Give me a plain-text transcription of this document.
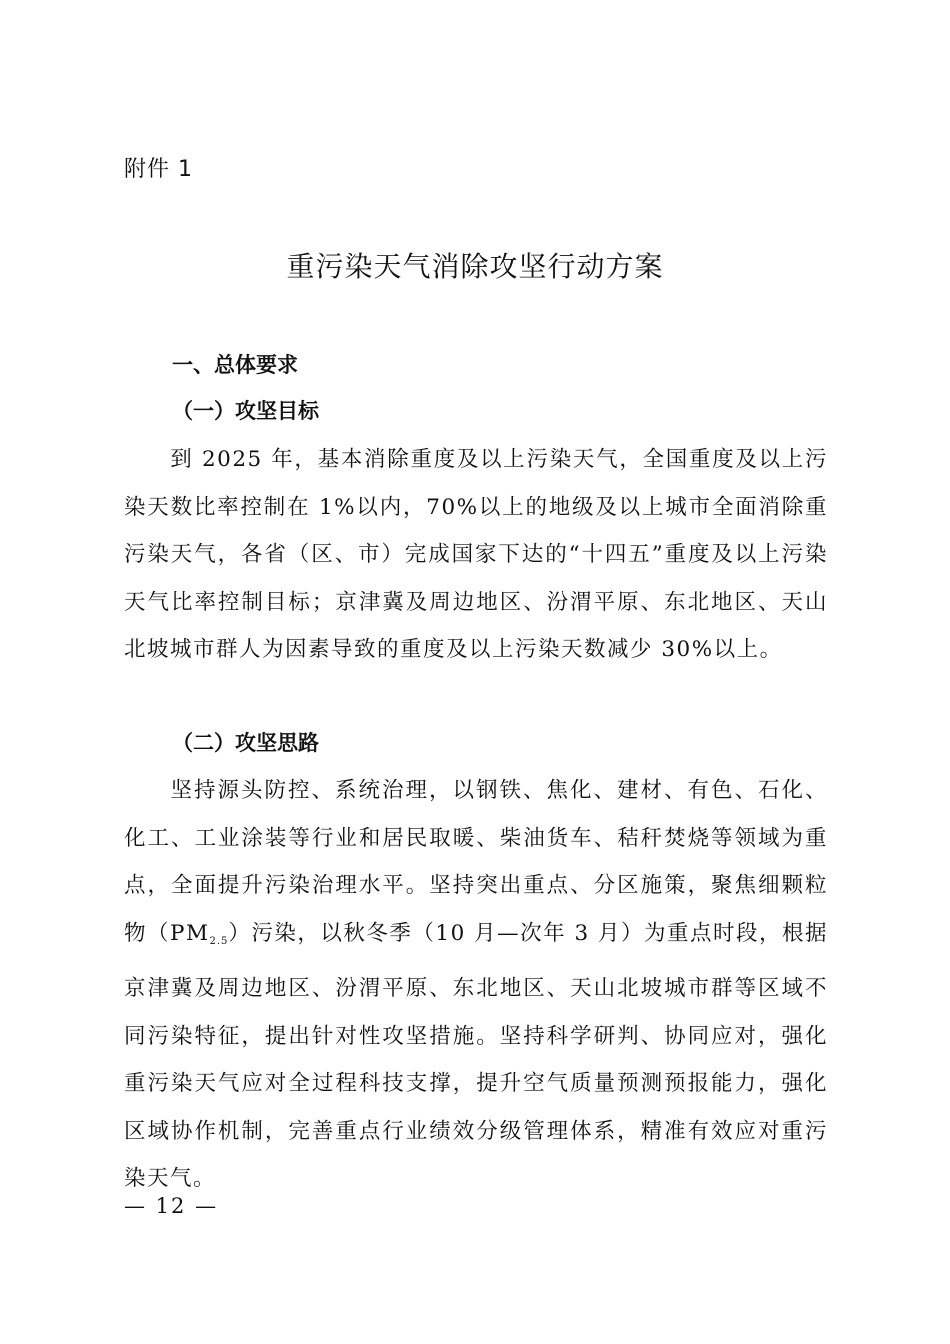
附件 1
重污染天气消除攻坚行动方案
一、总体要求
（一）攻坚目标
到 2025 年，基本消除重度及以上污染天气，全国重度及以上污染天数比率控制在 1%以内，70%以上的地级及以上城市全面消除重污染天气，各省（区、市）完成国家下达的“十四五”重度及以上污染天气比率控制目标；京津冀及周边地区、汾渭平原、东北地区、天山北坡城市群人为因素导致的重度及以上污染天数减少 30%以上。
（二）攻坚思路
坚持源头防控、系统治理，以钢铁、焦化、建材、有色、石化、化工、工业涂装等行业和居民取暖、柴油货车、秸秆焚烧等领域为重点，全面提升污染治理水平。坚持突出重点、分区施策，聚焦细颗粒物$(PM_{2.5})$污染，以秋冬季（10 月—次年 3 月）为重点时段，根据京津冀及周边地区、汾渭平原、东北地区、天山北坡城市群等区域不同污染特征，提出针对性攻坚措施。坚持科学研判、协同应对，强化重污染天气应对全过程科技支撑，提升空气质量预测预报能力，强化区域协作机制，完善重点行业绩效分级管理体系，精准有效应对重污染天气。
— 12 —
